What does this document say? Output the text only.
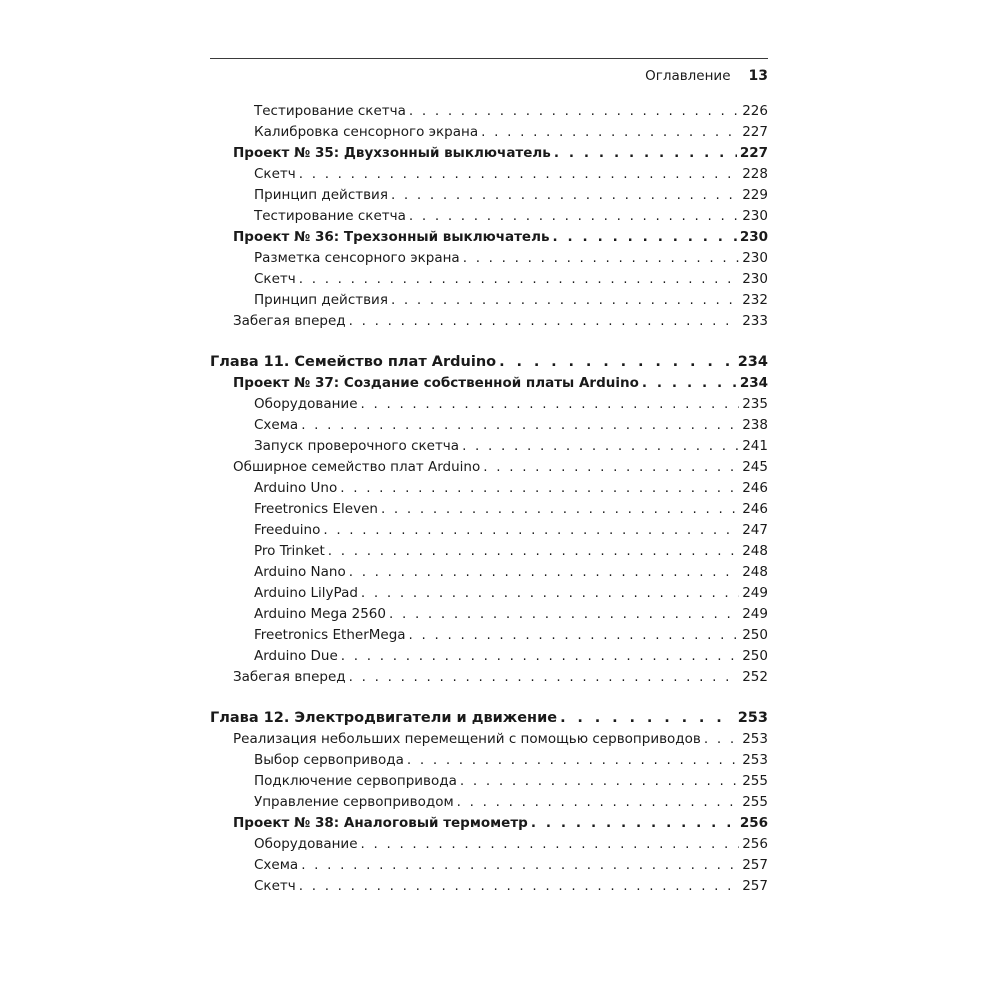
Оглавление 13
Тестирование скетча . . .	226
Калибровка сенсорного экрана . . .	227
Проект № 35: Двухзонный выключатель . . .	227
Скетч . . .	228
Принцип действия . . .	229
Тестирование скетча . . .	230
Проект № 36: Трехзонный выключатель . . .	230
Разметка сенсорного экрана . . .	230
Скетч . . .	230
Принцип действия . . .	232
Забегая вперед . . .	233
Глава 11. Семейство плат Arduino . . .	234
Проект № 37: Создание собственной платы Arduino . . .	234
Оборудование . . .	235
Схема . . .	238
Запуск проверочного скетча . . .	241
Обширное семейство плат Arduino . . .	245
Arduino Uno . . .	246
Freetronics Eleven . . .	246
Freeduino . . .	247
Pro Trinket . . .	248
Arduino Nano . . .	248
Arduino LilyPad . . .	249
Arduino Mega 2560 . . .	249
Freetronics EtherMega . . .	250
Arduino Due . . .	250
Забегая вперед . . .	252
Глава 12. Электродвигатели и движение . . .	253
Реализация небольших перемещений с помощью сервоприводов . . .	253
Выбор сервопривода . . .	253
Подключение сервопривода . . .	255
Управление сервоприводом . . .	255
Проект № 38: Аналоговый термометр . . .	256
Оборудование . . .	256
Схема . . .	257
Скетч . . .	257
